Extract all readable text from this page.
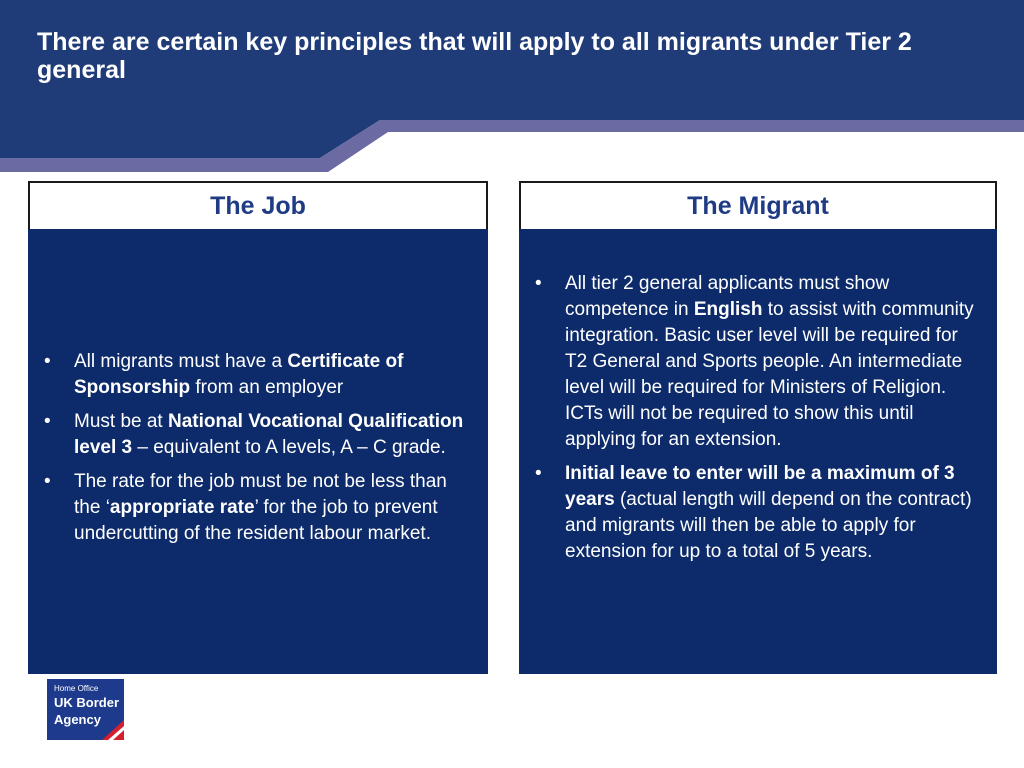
There are certain key principles that will apply to all migrants under Tier 2 general
The Job
• All migrants must have a Certificate of Sponsorship from an employer
• Must be at National Vocational Qualification level 3 – equivalent to A levels, A – C grade.
• The rate for the job must be not be less than the ‘appropriate rate’ for the job to prevent undercutting of the resident labour market.
The Migrant
• All tier 2 general applicants must show competence in English to assist with community integration. Basic user level will be required for T2 General and Sports people. An intermediate level will be required for Ministers of Religion. ICTs will not be required to show this until applying for an extension.
• Initial leave to enter will be a maximum of 3 years (actual length will depend on the contract) and migrants will then be able to apply for extension for up to a total of 5 years.
Home Office
UK Border
Agency
